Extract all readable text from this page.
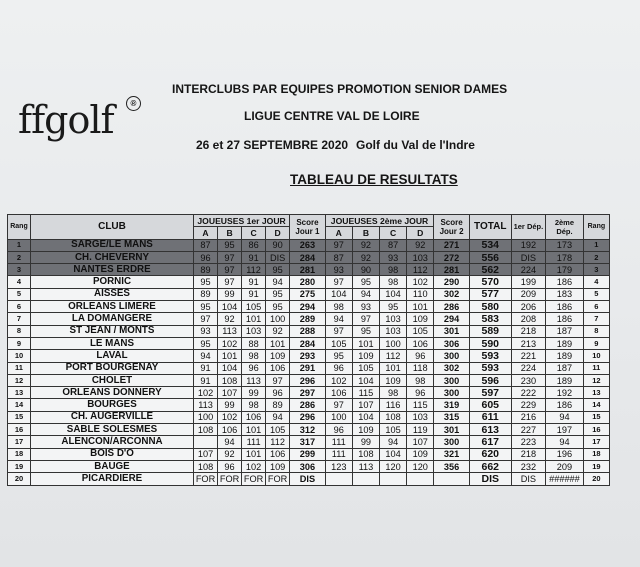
ffgolf	®
INTERCLUBS PAR EQUIPES PROMOTION SENIOR DAMES
LIGUE CENTRE VAL DE LOIRE
26 et 27 SEPTEMBRE 2020 Golf du Val de l'Indre
TABLEAU DE RESULTATS
Rang	CLUB	JOUEUSES 1er JOUR				Score Jour 1	JOUEUSES 2ème JOUR				Score Jour 2	TOTAL	1er Dép.	2ème Dép.	Rang
		A	B	C	D		A	B	C	D					
1	SARGE/LE MANS	87	95	86	90	263	97	92	87	92	271	534	192	173	1
2	CH. CHEVERNY	96	97	91	DIS	284	87	92	93	103	272	556	DIS	178	2
3	NANTES ERDRE	89	97	112	95	281	93	90	98	112	281	562	224	179	3
4	PORNIC	95	97	91	94	280	97	95	98	102	290	570	199	186	4
5	AISSES	89	99	91	95	275	104	94	104	110	302	577	209	183	5
6	ORLEANS LIMERE	95	104	105	95	294	98	93	95	101	286	580	206	186	6
7	LA DOMANGERE	97	92	101	100	289	94	97	103	109	294	583	208	186	7
8	ST JEAN / MONTS	93	113	103	92	288	97	95	103	105	301	589	218	187	8
9	LE MANS	95	102	88	101	284	105	101	100	106	306	590	213	189	9
10	LAVAL	94	101	98	109	293	95	109	112	96	300	593	221	189	10
11	PORT BOURGENAY	91	104	96	106	291	96	105	101	118	302	593	224	187	11
12	CHOLET	91	108	113	97	296	102	104	109	98	300	596	230	189	12
13	ORLEANS DONNERY	102	107	99	96	297	106	115	98	96	300	597	222	192	13
14	BOURGES	113	99	98	89	286	97	107	116	115	319	605	229	186	14
15	CH. AUGERVILLE	100	102	106	94	296	100	104	108	103	315	611	216	94	15
16	SABLE SOLESMES	108	106	101	105	312	96	109	105	119	301	613	227	197	16
17	ALENCON/ARCONNA		94	111	112	317	111	99	94	107	300	617	223	94	17
18	BOIS D'O	107	92	101	106	299	111	108	104	109	321	620	218	196	18
19	BAUGE	108	96	102	109	306	123	113	120	120	356	662	232	209	19
20	PICARDIERE	FOR	FOR	FOR	FOR	DIS						DIS	DIS	######	20
